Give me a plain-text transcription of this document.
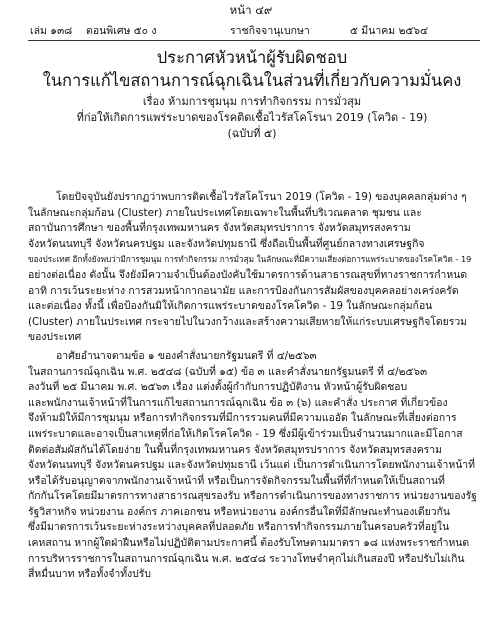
หน้า ๔๙
เล่ม ๑๓๘ ตอนพิเศษ ๕๐ ง	ราชกิจจานุเบกษา	๕ มีนาคม ๒๕๖๔
ประกาศหัวหน้าผู้รับผิดชอบ
ในการแก้ไขสถานการณ์ฉุกเฉินในส่วนที่เกี่ยวกับความมั่นคง
เรื่อง ห้ามการชุมนุม การทำกิจกรรม การมั่วสุม
ที่ก่อให้เกิดการแพร่ระบาดของโรคติดเชื้อไวรัสโคโรนา 2019 (โควิด - 19)
(ฉบับที่ ๕)
โดยปัจจุบันยังปรากฏว่าพบการติดเชื้อไวรัสโคโรนา 2019 (โควิด - 19) ของบุคคลกลุ่มต่าง ๆ
ในลักษณะกลุ่มก้อน (Cluster) ภายในประเทศโดยเฉพาะในพื้นที่บริเวณตลาด ชุมชน และ
สถาบันการศึกษา ของพื้นที่กรุงเทพมหานคร จังหวัดสมุทรปราการ จังหวัดสมุทรสงคราม
จังหวัดนนทบุรี จังหวัดนครปฐม และจังหวัดปทุมธานี ซึ่งถือเป็นพื้นที่ศูนย์กลางทางเศรษฐกิจ
ของประเทศ อีกทั้งยังพบว่ามีการชุมนุม การทำกิจกรรม การมั่วสุม ในลักษณะที่มีความเสี่ยงต่อการแพร่ระบาดของโรคโควิด - 19
อย่างต่อเนื่อง ดังนั้น จึงยังมีความจำเป็นต้องบังคับใช้มาตรการด้านสาธารณสุขที่ทางราชการกำหนด
อาทิ การเว้นระยะห่าง การสวมหน้ากากอนามัย และการป้องกันการสัมผัสของบุคคลอย่างเคร่งครัด
และต่อเนื่อง ทั้งนี้ เพื่อป้องกันมิให้เกิดการแพร่ระบาดของโรคโควิด - 19 ในลักษณะกลุ่มก้อน
(Cluster) ภายในประเทศ กระจายไปในวงกว้างและสร้างความเสียหายให้แก่ระบบเศรษฐกิจโดยรวม
ของประเทศ
อาศัยอำนาจตามข้อ ๑ ของคำสั่งนายกรัฐมนตรี ที่ ๔/๒๕๖๓
ในสถานการณ์ฉุกเฉิน พ.ศ. ๒๕๔๘ (ฉบับที่ ๑๕) ข้อ ๓ และคำสั่งนายกรัฐมนตรี ที่ ๔/๒๕๖๓
ลงวันที่ ๒๕ มีนาคม พ.ศ. ๒๕๖๓ เรื่อง แต่งตั้งผู้กำกับการปฏิบัติงาน หัวหน้าผู้รับผิดชอบ
และพนักงานเจ้าหน้าที่ในการแก้ไขสถานการณ์ฉุกเฉิน ข้อ ๓ (๖) และคำสั่ง ประกาศ ที่เกี่ยวข้อง
จึงห้ามมิให้มีการชุมนุม หรือการทำกิจกรรมที่มีการรวมคนที่มีความแออัด ในลักษณะที่เสี่ยงต่อการ
แพร่ระบาดและอาจเป็นสาเหตุที่ก่อให้เกิดโรคโควิด - 19 ซึ่งมีผู้เข้าร่วมเป็นจำนวนมากและมีโอกาส
ติดต่อสัมผัสกันได้โดยง่าย ในพื้นที่กรุงเทพมหานคร จังหวัดสมุทรปราการ จังหวัดสมุทรสงคราม
จังหวัดนนทบุรี จังหวัดนครปฐม และจังหวัดปทุมธานี เว้นแต่ เป็นการดำเนินการโดยพนักงานเจ้าหน้าที่
หรือได้รับอนุญาตจากพนักงานเจ้าหน้าที่ หรือเป็นการจัดกิจกรรมในพื้นที่ที่กำหนดให้เป็นสถานที่
กักกันโรคโดยมีมาตรการทางสาธารณสุขรองรับ หรือการดำเนินการของทางราชการ หน่วยงานของรัฐ
รัฐวิสาหกิจ หน่วยงาน องค์กร ภาคเอกชน หรือหน่วยงาน องค์กรอื่นใดที่มีลักษณะทำนองเดียวกัน
ซึ่งมีมาตรการเว้นระยะห่างระหว่างบุคคลที่ปลอดภัย หรือการทำกิจกรรมภายในครอบครัวที่อยู่ใน
เคหสถาน หากผู้ใดฝ่าฝืนหรือไม่ปฏิบัติตามประกาศนี้ ต้องรับโทษตามมาตรา ๑๘ แห่งพระราชกำหนด
การบริหารราชการในสถานการณ์ฉุกเฉิน พ.ศ. ๒๕๔๘ ระวางโทษจำคุกไม่เกินสองปี หรือปรับไม่เกิน
สี่หมื่นบาท หรือทั้งจำทั้งปรับ
